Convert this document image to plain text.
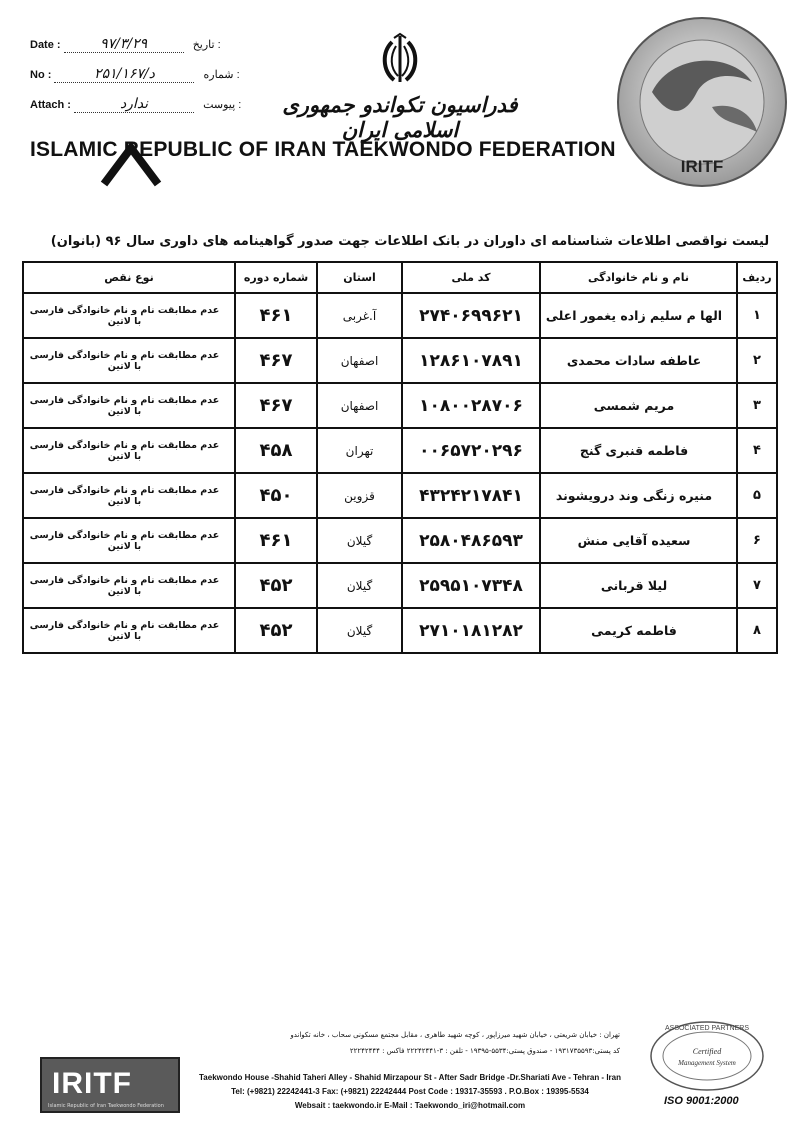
Date :	۹۷/۳/۲۹	تاریخ :
No :	۲۵۱/۱۶۷/د	شماره :
Attach :	ندارد	پیوست :	فدراسیون تکواندو جمهوری اسلامی ایران
ISLAMIC REPUBLIC OF IRAN TAEKWONDO FEDERATION
IRITF
لیست نواقصی اطلاعات شناسنامه ای داوران در بانک اطلاعات جهت صدور گواهینامه های داوری سال ۹۶ (بانوان)
ردیف	نام و نام خانوادگی	کد ملی	استان	شماره دوره	نوع نقص
۱	الها م سلیم زاده یغمور اعلی	۲۷۴۰۶۹۹۶۲۱	آ.غربی	۴۶۱	عدم مطابقت نام و نام خانوادگی فارسی با لاتین
۲	عاطفه سادات محمدی	۱۲۸۶۱۰۷۸۹۱	اصفهان	۴۶۷	عدم مطابقت نام و نام خانوادگی فارسی با لاتین
۳	مریم شمسی	۱۰۸۰۰۲۸۷۰۶	اصفهان	۴۶۷	عدم مطابقت نام و نام خانوادگی فارسی با لاتین
۴	فاطمه قنبری گنج	۰۰۶۵۷۲۰۲۹۶	تهران	۴۵۸	عدم مطابقت نام و نام خانوادگی فارسی با لاتین
۵	منیره زنگی وند درویشوند	۴۳۲۴۲۱۷۸۴۱	قزوین	۴۵۰	عدم مطابقت نام و نام خانوادگی فارسی با لاتین
۶	سعیده آقایی منش	۲۵۸۰۴۸۶۵۹۳	گیلان	۴۶۱	عدم مطابقت نام و نام خانوادگی فارسی با لاتین
۷	لیلا قربانی	۲۵۹۵۱۰۷۳۴۸	گیلان	۴۵۲	عدم مطابقت نام و نام خانوادگی فارسی با لاتین
۸	فاطمه کریمی	۲۷۱۰۱۸۱۲۸۲	گیلان	۴۵۲	عدم مطابقت نام و نام خانوادگی فارسی با لاتین
IRITF
Islamic Republic of Iran Taekwondo Federation
تهران : خیابان شریعتی ، خیابان شهید میرزاپور ، کوچه شهید طاهری ، مقابل مجتمع مسکونی سحاب ، خانه تکواندو
کد پستی:۱۹۳۱۷۳۵۵۹۳ - صندوق پستی:۵۵۳۴-۱۹۳۹۵ - تلفن : ۳-۲۲۲۴۲۴۴۱ فاکس : ۲۲۲۴۲۴۴۴
Taekwondo House -Shahid Taheri Alley - Shahid Mirzapour St - After Sadr Bridge -Dr.Shariati Ave - Tehran - Iran
Tel: (+9821) 22242441-3 Fax: (+9821) 22242444 Post Code : 19317-35593 . P.O.Box : 19395-5534
Websait : taekwondo.ir E-Mail : Taekwondo_iri@hotmail.com
ASSOCIATED PARTNERS
Certified
Management System
ISO 9001:2000
